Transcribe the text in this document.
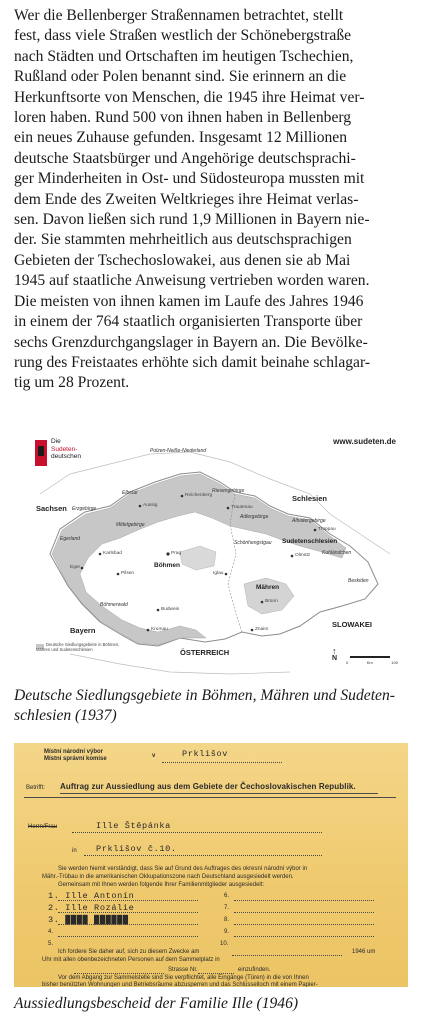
Wer die Bellenberger Straßennamen betrachtet, stellt

fest, dass viele Straßen westlich der Schönebergstraße

nach Städten und Ortschaften im heutigen Tschechien,

Rußland oder Polen benannt sind. Sie erinnern an die

Herkunftsorte von Menschen, die 1945 ihre Heimat ver-

loren haben. Rund 500 von ihnen haben in Bellenberg

ein neues Zuhause gefunden. Insgesamt 12 Millionen

deutsche Staatsbürger und Angehörige deutschsprachi-

ger Minderheiten in Ost- und Südosteuropa mussten mit

dem Ende des Zweiten Weltkrieges ihre Heimat verlas-

sen. Davon ließen sich rund 1,9 Millionen in Bayern nie-

der. Sie stammten mehrheitlich aus deutschsprachigen

Gebieten der Tschechoslowakei, aus denen sie ab Mai

1945 auf staatliche Anweisung vertrieben worden waren.

Die meisten von ihnen kamen im Laufe des Jahres 1946

in einem der 764 staatlich organisierten Transporte über

sechs Grenzdurchgangslager in Bayern an. Die Bevölke-

rung des Freistaates erhöhte sich damit beinahe schlagar-

tig um 28 Prozent.

Die
Sudeten-
deutschen
www.sudeten.de
Polzen-Neiße-Niederland
Sachsen Erzgebirge
Elbetal
Mittelgebirge
Riesengebirge
Schlesien
Adlergebirge
Altvatergebirge
Schönhengstgau Sudetenschlesien
Kuhländchen
Beskiden
Egerland
Böhmen
Mähren
Böhmerwald
Bayern
ÖSTERREICH
SLOWAKEI
Prag
Pilsen
Budweis
Brünn
Iglau
Olmütz
Troppau
Reichenberg
Aussig
Karlsbad
Eger
Znaim
Krumau
Trautenau
Deutsche Siedlungsgebiete in Böhmen, Mähren und Sudetenschlesien	↑
N
0	Km	100
Deutsche Siedlungsgebiete in Böhmen, Mähren und Sudeten-
schlesien (1937)
Místní národní výbor
Místní správní komise	v	Prklišov
Betrifft: Auftrag zur Aussiedlung aus dem Gebiete der Čechoslovakischen Republik.
Herrn/Frau	Ille Štěpánka
in Prklišov č.10.
Sie werden hiemit verständigt, dass Sie auf Grund des Auftrages des okresní národní výbor in
Mähr.-Trübau in die amerikanischen Okkupationszone nach Deutschland ausgesiedelt werden.
Gemeinsam mit Ihnen werden folgende Ihrer Familienmitglieder ausgesiedelt:
1. Ille Antonín
2. Ille Rozálie
3. ████ ██████
4.
5.
6.
7.
8.
9.
10.
Ich fordere Sie daher auf, sich zu diesem Zwecke am	1946 um
Uhr mit allen obenbezeichneten Personen auf dem Sammelplatz in
Strasse Nr.	einzufinden.
Vor dem Abgang zur Sammelstelle sind Sie verpflichtet, alle Eingänge (Türen) in die von Ihnen
bisher benützten Wohnungen und Betriebsräume abzusperren und das Schlüsselloch mit einem Papier-
Aussiedlungsbescheid der Familie Ille (1946)
